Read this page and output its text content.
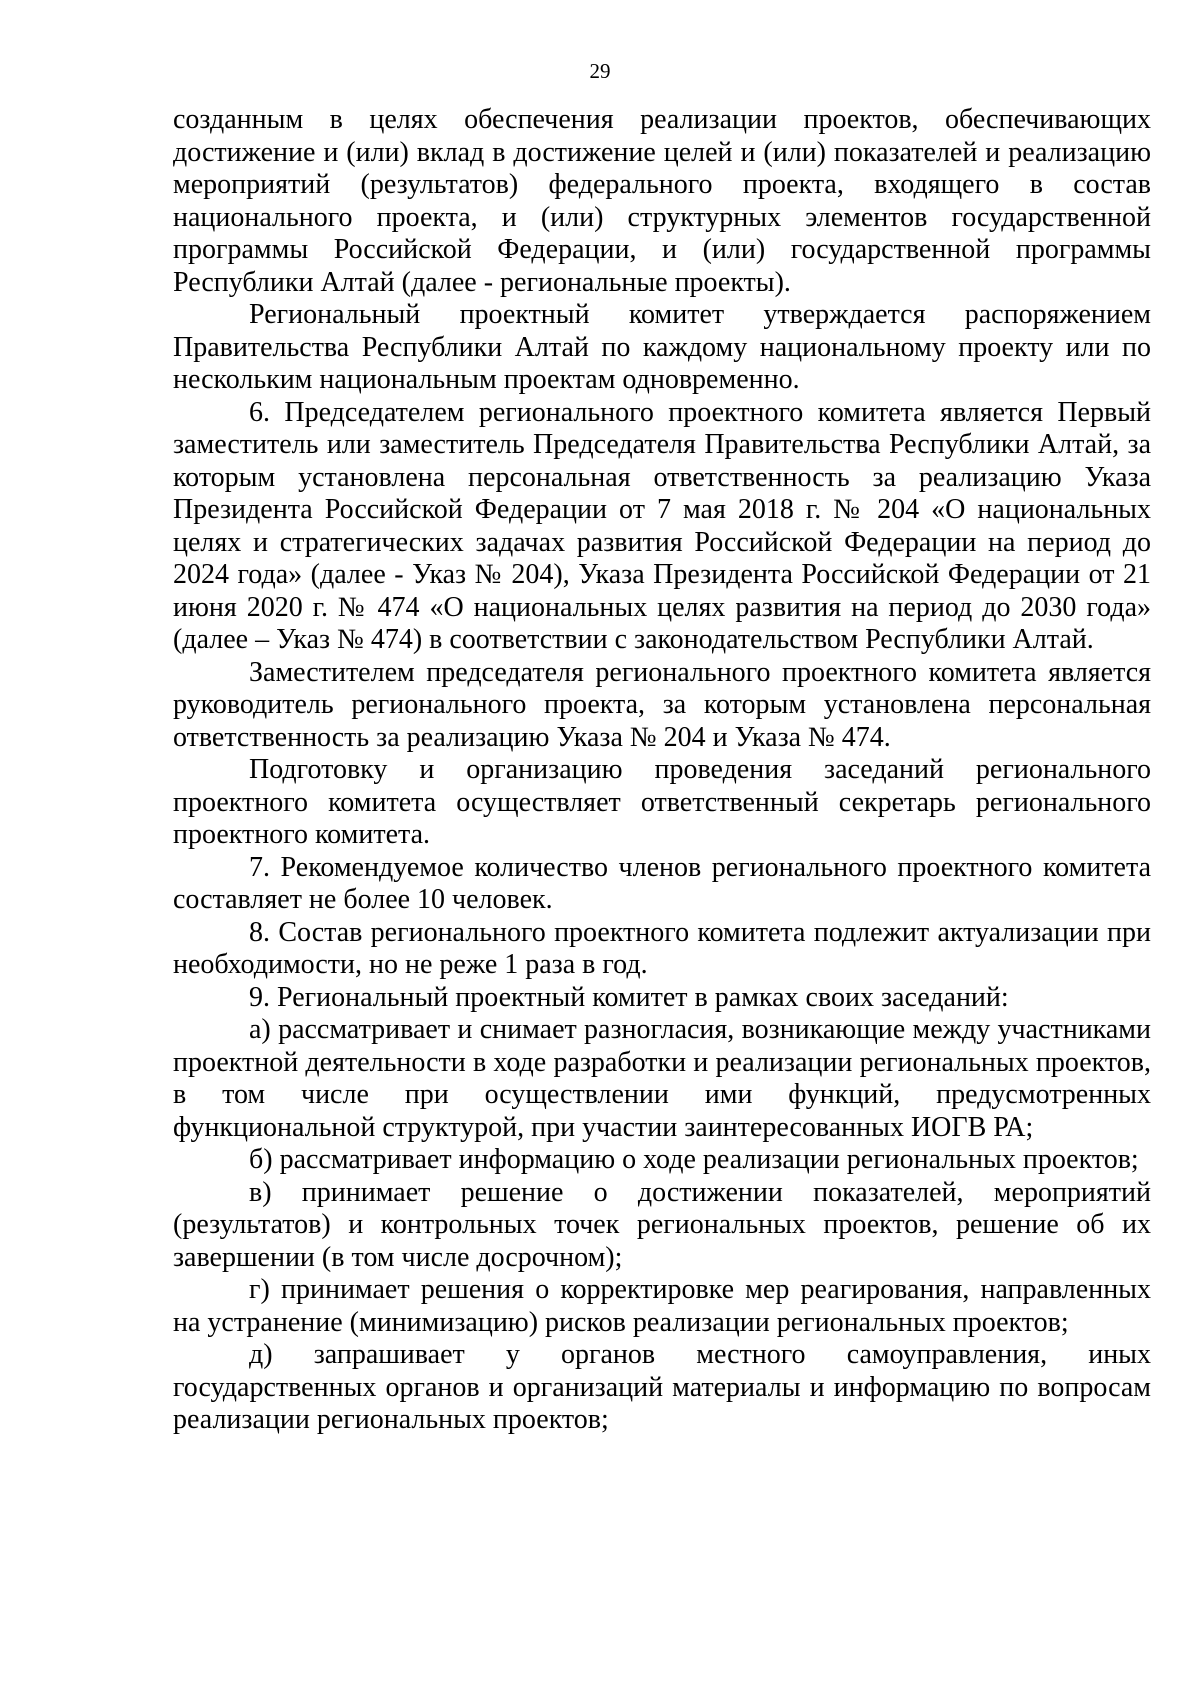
29

созданным в целях обеспечения реализации проектов, обеспечивающих достижение и (или) вклад в достижение целей и (или) показателей и реализацию мероприятий (результатов) федерального проекта, входящего в состав национального проекта, и (или) структурных элементов государственной программы Российской Федерации, и (или) государственной программы Республики Алтай (далее - региональные проекты).

Региональный проектный комитет утверждается распоряжением Правительства Республики Алтай по каждому национальному проекту или по нескольким национальным проектам одновременно.

6. Председателем регионального проектного комитета является Первый заместитель или заместитель Председателя Правительства Республики Алтай, за которым установлена персональная ответственность за реализацию Указа Президента Российской Федерации от 7 мая 2018 г. № 204 «О национальных целях и стратегических задачах развития Российской Федерации на период до 2024 года» (далее - Указ № 204), Указа Президента Российской Федерации от 21 июня 2020 г. № 474 «О национальных целях развития на период до 2030 года» (далее – Указ № 474) в соответствии с законодательством Республики Алтай.

Заместителем председателя регионального проектного комитета является руководитель регионального проекта, за которым установлена персональная ответственность за реализацию Указа № 204 и Указа № 474.

Подготовку и организацию проведения заседаний регионального проектного комитета осуществляет ответственный секретарь регионального проектного комитета.

7. Рекомендуемое количество членов регионального проектного комитета составляет не более 10 человек.

8. Состав регионального проектного комитета подлежит актуализации при необходимости, но не реже 1 раза в год.

9. Региональный проектный комитет в рамках своих заседаний:

а) рассматривает и снимает разногласия, возникающие между участниками проектной деятельности в ходе разработки и реализации региональных проектов, в том числе при осуществлении ими функций, предусмотренных функциональной структурой, при участии заинтересованных ИОГВ РА;

б) рассматривает информацию о ходе реализации региональных проектов;

в) принимает решение о достижении показателей, мероприятий (результатов) и контрольных точек региональных проектов, решение об их завершении (в том числе досрочном);

г) принимает решения о корректировке мер реагирования, направленных на устранение (минимизацию) рисков реализации региональных проектов;

д) запрашивает у органов местного самоуправления, иных государственных органов и организаций материалы и информацию по вопросам реализации региональных проектов;
